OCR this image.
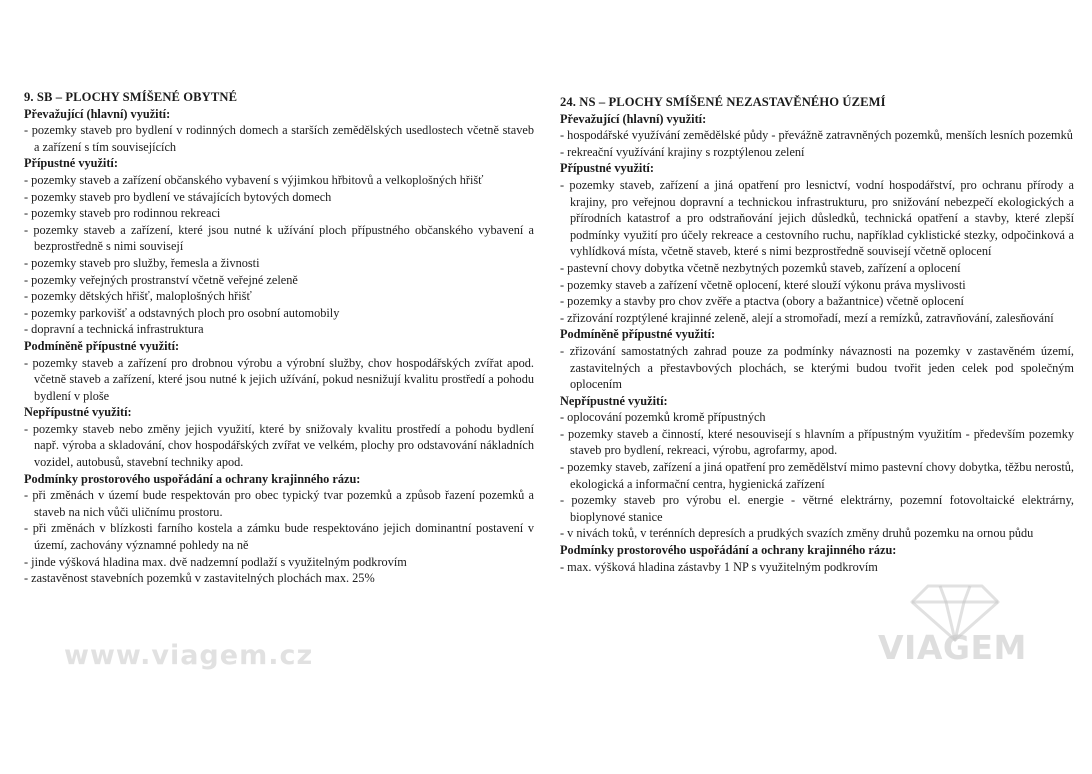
9. SB – PLOCHY SMÍŠENÉ OBYTNÉ
Převažující (hlavní) využití:
- pozemky staveb pro bydlení v rodinných domech a starších zemědělských usedlostech včetně staveb a zařízení s tím souvisejících
Přípustné využití:
- pozemky staveb a zařízení občanského vybavení s výjimkou hřbitovů a velkoplošných hřišť
- pozemky staveb pro bydlení ve stávajících bytových domech
- pozemky staveb pro rodinnou rekreaci
- pozemky staveb a zařízení, které jsou nutné k užívání ploch přípustného občanského vybavení a bezprostředně s nimi souvisejí
- pozemky staveb pro služby, řemesla a živnosti
- pozemky veřejných prostranství včetně veřejné zeleně
- pozemky dětských hřišť, maloplošných hřišť
- pozemky parkovišť a odstavných ploch pro osobní automobily
- dopravní a technická infrastruktura
Podmíněně přípustné využití:
- pozemky staveb a zařízení pro drobnou výrobu a výrobní služby, chov hospodářských zvířat apod. včetně staveb a zařízení, které jsou nutné k jejich užívání, pokud nesnižují kvalitu prostředí a pohodu bydlení v ploše
Nepřípustné využití:
- pozemky staveb nebo změny jejich využití, které by snižovaly kvalitu prostředí a pohodu bydlení např. výroba a skladování, chov hospodářských zvířat ve velkém, plochy pro odstavování nákladních vozidel, autobusů, stavební techniky apod.
Podmínky prostorového uspořádání a ochrany krajinného rázu:
- při změnách v území bude respektován pro obec typický tvar pozemků a způsob řazení pozemků a staveb na nich vůči uličnímu prostoru.
- při změnách v blízkosti farního kostela a zámku bude respektováno jejich dominantní postavení v území, zachovány významné pohledy na ně
- jinde výšková hladina max. dvě nadzemní podlaží s využitelným podkrovím
- zastavěnost stavebních pozemků v zastavitelných plochách max. 25%
24. NS – PLOCHY SMÍŠENÉ NEZASTAVĚNÉHO ÚZEMÍ
Převažující (hlavní) využití:
- hospodářské využívání zemědělské půdy - převážně zatravněných pozemků, menších lesních pozemků
- rekreační využívání krajiny s rozptýlenou zelení
Přípustné využití:
- pozemky staveb, zařízení a jiná opatření pro lesnictví, vodní hospodářství, pro ochranu přírody a krajiny, pro veřejnou dopravní a technickou infrastrukturu, pro snižování nebezpečí ekologických a přírodních katastrof a pro odstraňování jejich důsledků, technická opatření a stavby, které zlepší podmínky využití pro účely rekreace a cestovního ruchu, například cyklistické stezky, odpočinková a vyhlídková místa, včetně staveb, které s nimi bezprostředně souvisejí včetně oplocení
- pastevní chovy dobytka včetně nezbytných pozemků staveb, zařízení a oplocení
- pozemky staveb a zařízení včetně oplocení, které slouží výkonu práva myslivosti
- pozemky a stavby pro chov zvěře a ptactva (obory a bažantnice) včetně oplocení
- zřizování rozptýlené krajinné zeleně, alejí a stromořadí, mezí a remízků, zatravňování, zalesňování
Podmíněně přípustné využití:
- zřizování samostatných zahrad pouze za podmínky návaznosti na pozemky v zastavěném území, zastavitelných a přestavbových plochách, se kterými budou tvořit jeden celek pod společným oplocením
Nepřípustné využití:
- oplocování pozemků kromě přípustných
- pozemky staveb a činností, které nesouvisejí s hlavním a přípustným využitím - především pozemky staveb pro bydlení, rekreaci, výrobu, agrofarmy, apod.
- pozemky staveb, zařízení a jiná opatření pro zemědělství mimo pastevní chovy dobytka, těžbu nerostů, ekologická a informační centra, hygienická zařízení
- pozemky staveb pro výrobu el. energie - větrné elektrárny, pozemní fotovoltaické elektrárny, bioplynové stanice
- v nivách toků, v terénních depresích a prudkých svazích změny druhů pozemku na ornou půdu
Podmínky prostorového uspořádání a ochrany krajinného rázu:
- max. výšková hladina zástavby 1 NP s využitelným podkrovím
www.viagem.cz	VIAGEM
